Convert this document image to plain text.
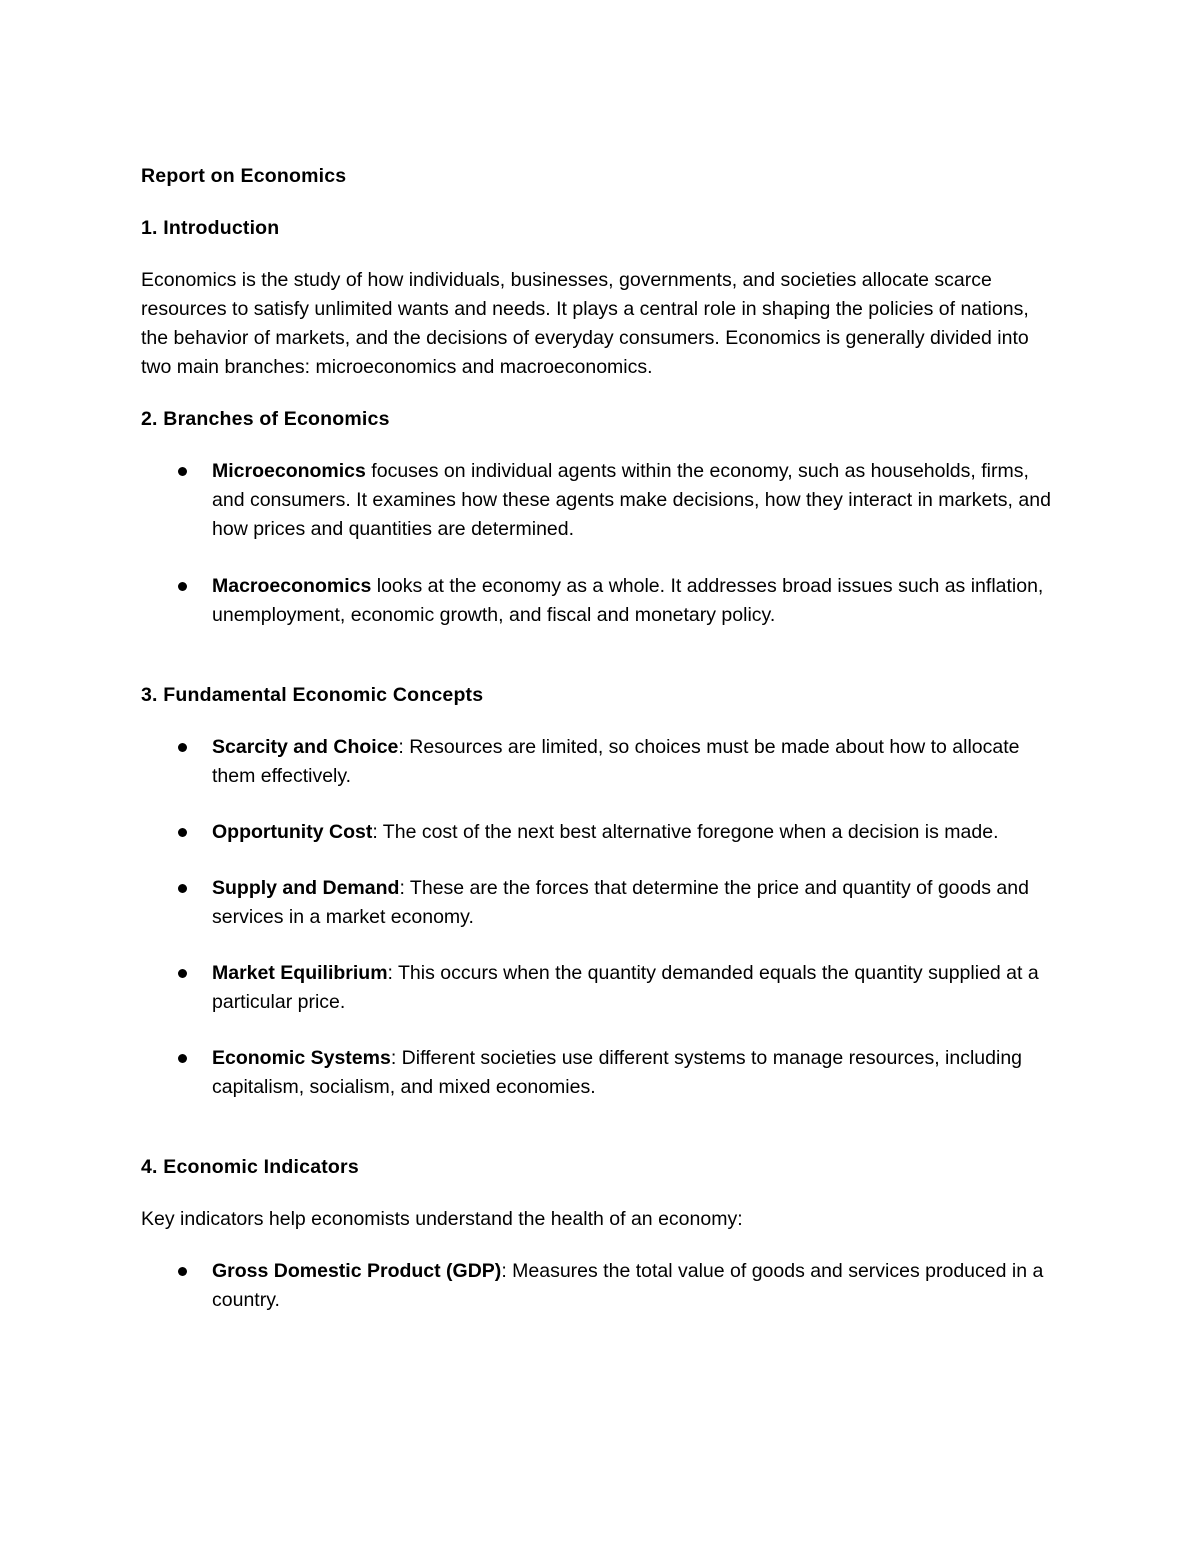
Report on Economics

1. Introduction

Economics is the study of how individuals, businesses, governments, and societies allocate scarce resources to satisfy unlimited wants and needs. It plays a central role in shaping the policies of nations, the behavior of markets, and the decisions of everyday consumers. Economics is generally divided into two main branches: microeconomics and macroeconomics.

2. Branches of Economics

Microeconomics focuses on individual agents within the economy, such as households, firms, and consumers. It examines how these agents make decisions, how they interact in markets, and how prices and quantities are determined.
Macroeconomics looks at the economy as a whole. It addresses broad issues such as inflation, unemployment, economic growth, and fiscal and monetary policy.

3. Fundamental Economic Concepts

Scarcity and Choice: Resources are limited, so choices must be made about how to allocate them effectively.
Opportunity Cost: The cost of the next best alternative foregone when a decision is made.
Supply and Demand: These are the forces that determine the price and quantity of goods and services in a market economy.
Market Equilibrium: This occurs when the quantity demanded equals the quantity supplied at a particular price.
Economic Systems: Different societies use different systems to manage resources, including capitalism, socialism, and mixed economies.

4. Economic Indicators

Key indicators help economists understand the health of an economy:

Gross Domestic Product (GDP): Measures the total value of goods and services produced in a country.
